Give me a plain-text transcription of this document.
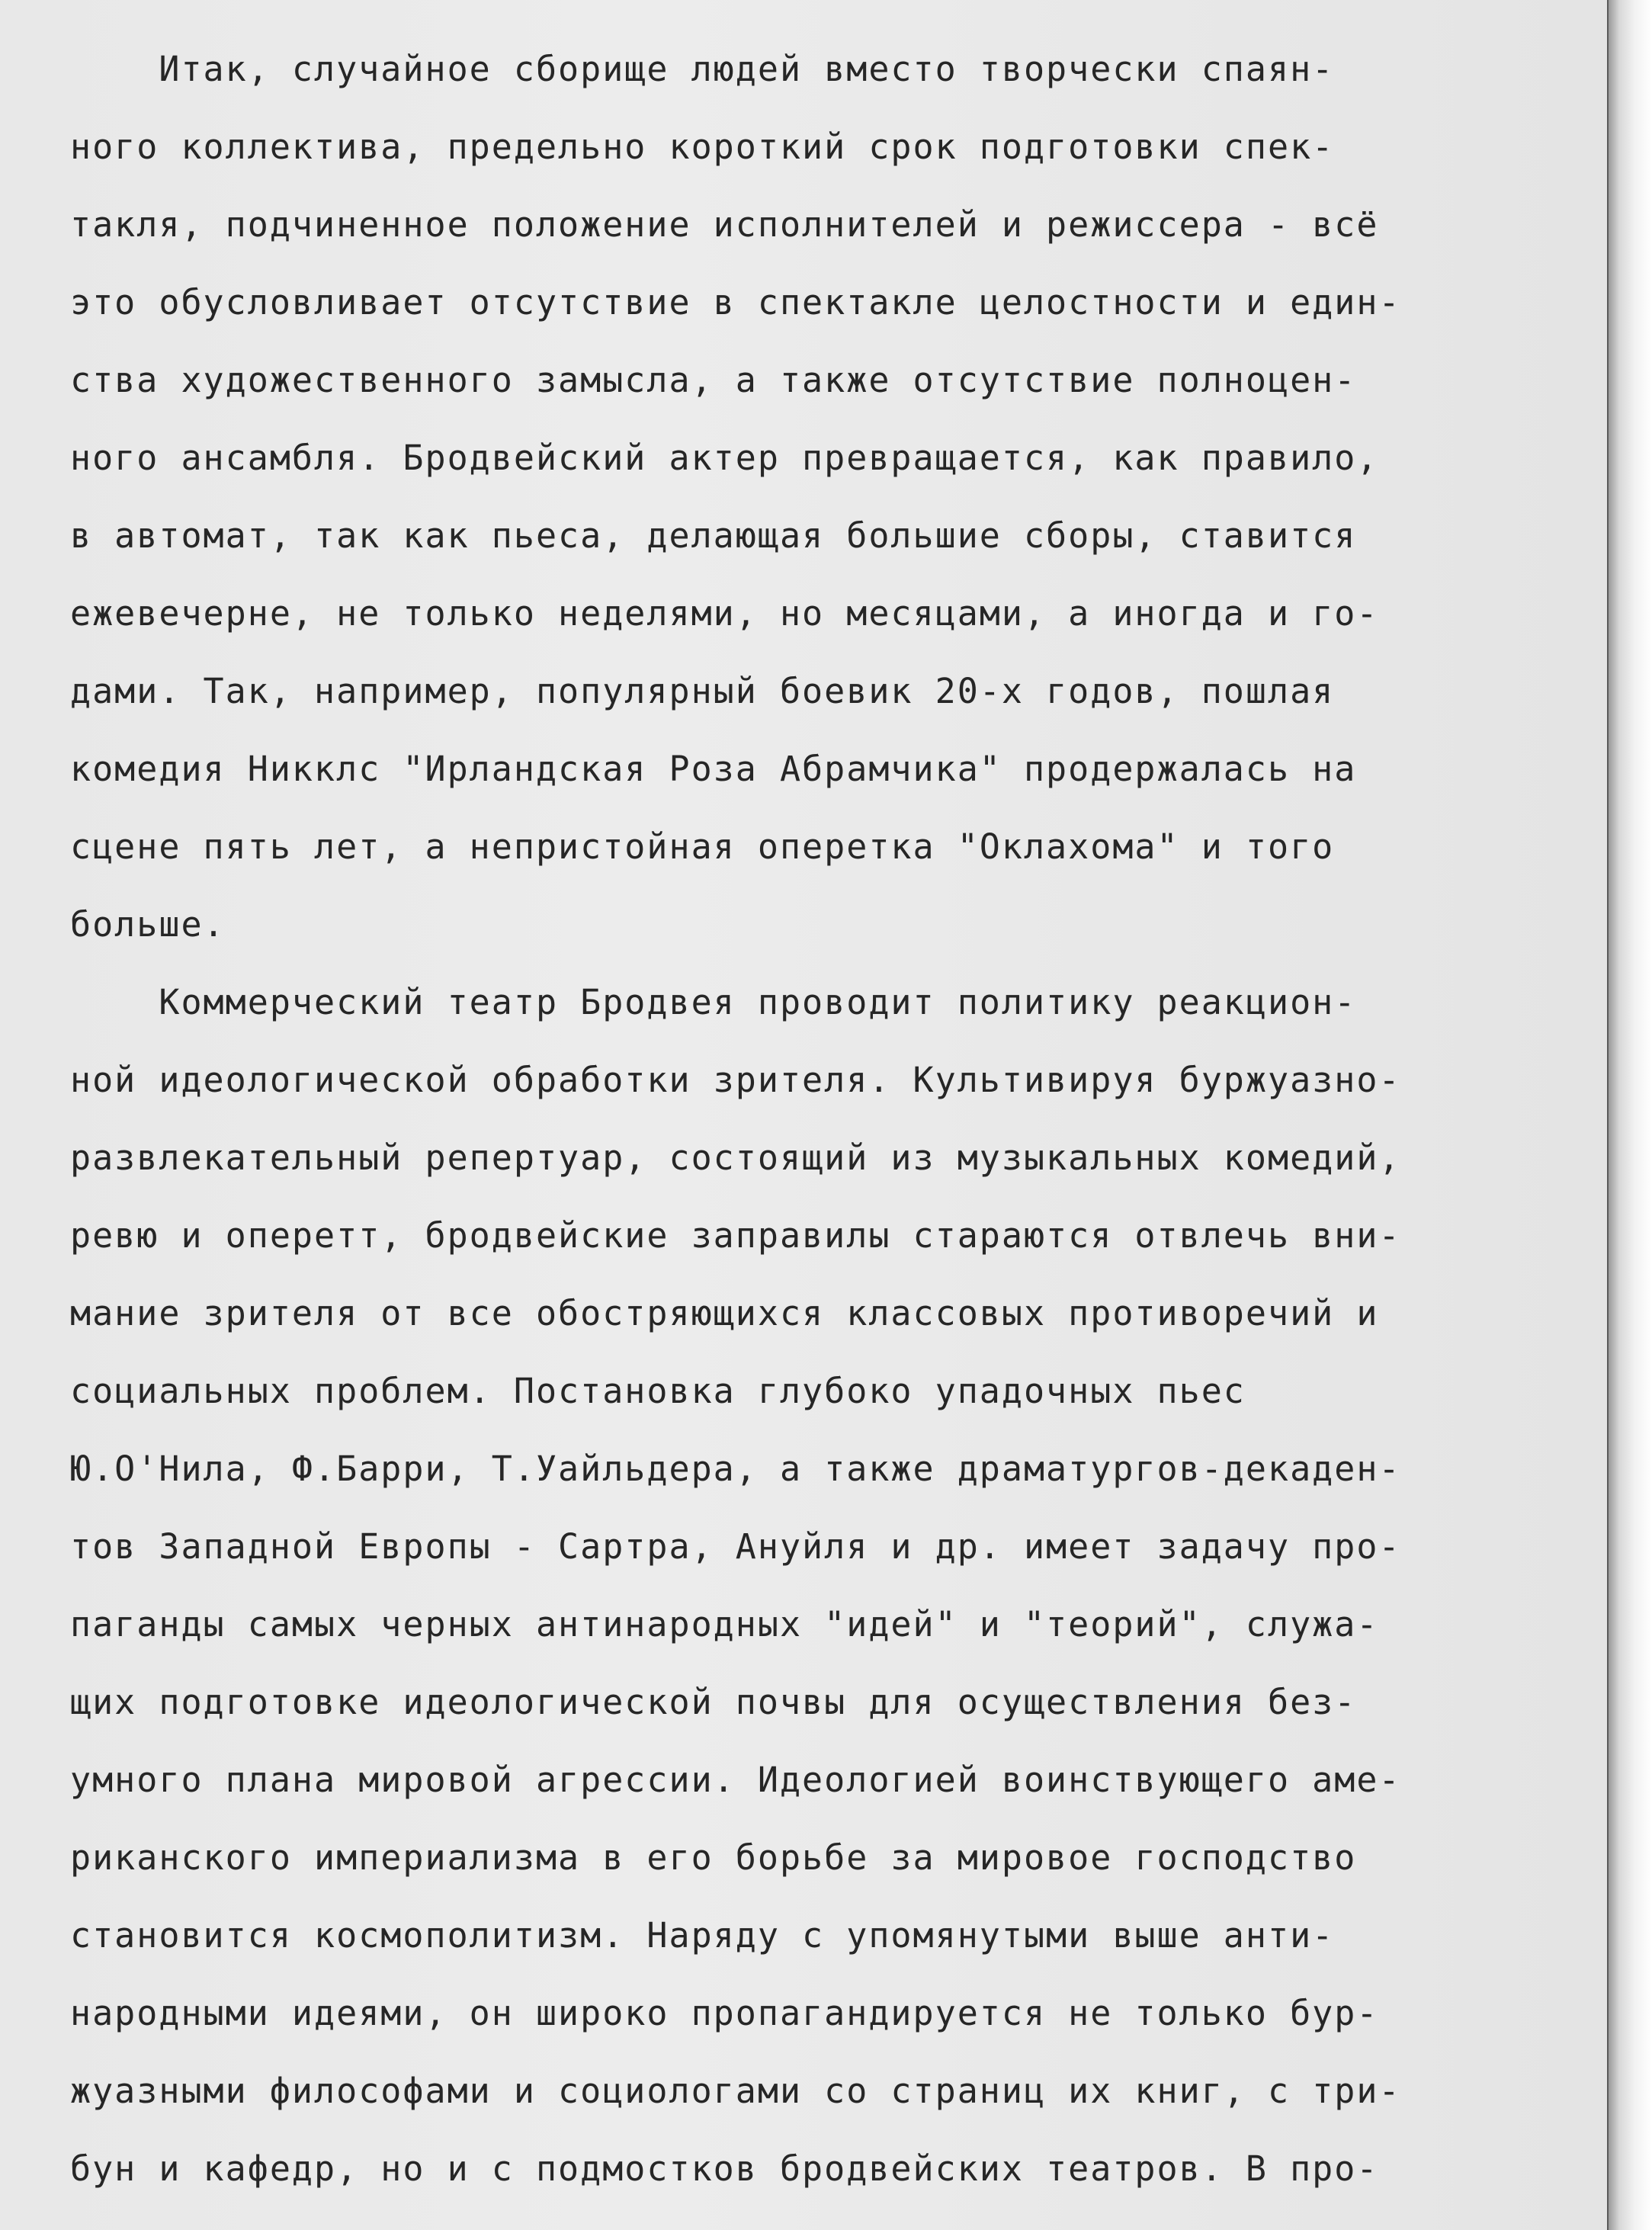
Итак, случайное сборище людей вместо творчески спаян-
ного коллектива, предельно короткий срок подготовки спек-
такля, подчиненное положение исполнителей и режиссера - всё
это обусловливает отсутствие в спектакле целостности и един-
ства художественного замысла, а также отсутствие полноцен-
ного ансамбля. Бродвейский актер превращается, как правило,
в автомат, так как пьеса, делающая большие сборы, ставится
ежевечерне, не только неделями, но месяцами, а иногда и го-
дами. Так, например, популярный боевик 20-х годов, пошлая
комедия Никклс "Ирландская Роза Абрамчика" продержалась на
сцене пять лет, а непристойная оперетка "Оклахома" и того
больше.
Коммерческий театр Бродвея проводит политику реакцион-
ной идеологической обработки зрителя. Культивируя буржуазно-
развлекательный репертуар, состоящий из музыкальных комедий,
ревю и оперетт, бродвейские заправилы стараются отвлечь вни-
мание зрителя от все обостряющихся классовых противоречий и
социальных проблем. Постановка глубоко упадочных пьес
Ю.О'Нила, Ф.Барри, Т.Уайльдера, а также драматургов-декаден-
тов Западной Европы - Сартра, Ануйля и др. имеет задачу про-
паганды самых черных антинародных "идей" и "теорий", служа-
щих подготовке идеологической почвы для осуществления без-
умного плана мировой агрессии. Идеологией воинствующего аме-
риканского империализма в его борьбе за мировое господство
становится космополитизм. Наряду с упомянутыми выше анти-
народными идеями, он широко пропагандируется не только бур-
жуазными философами и социологами со страниц их книг, с три-
бун и кафедр, но и с подмостков бродвейских театров. В про-
